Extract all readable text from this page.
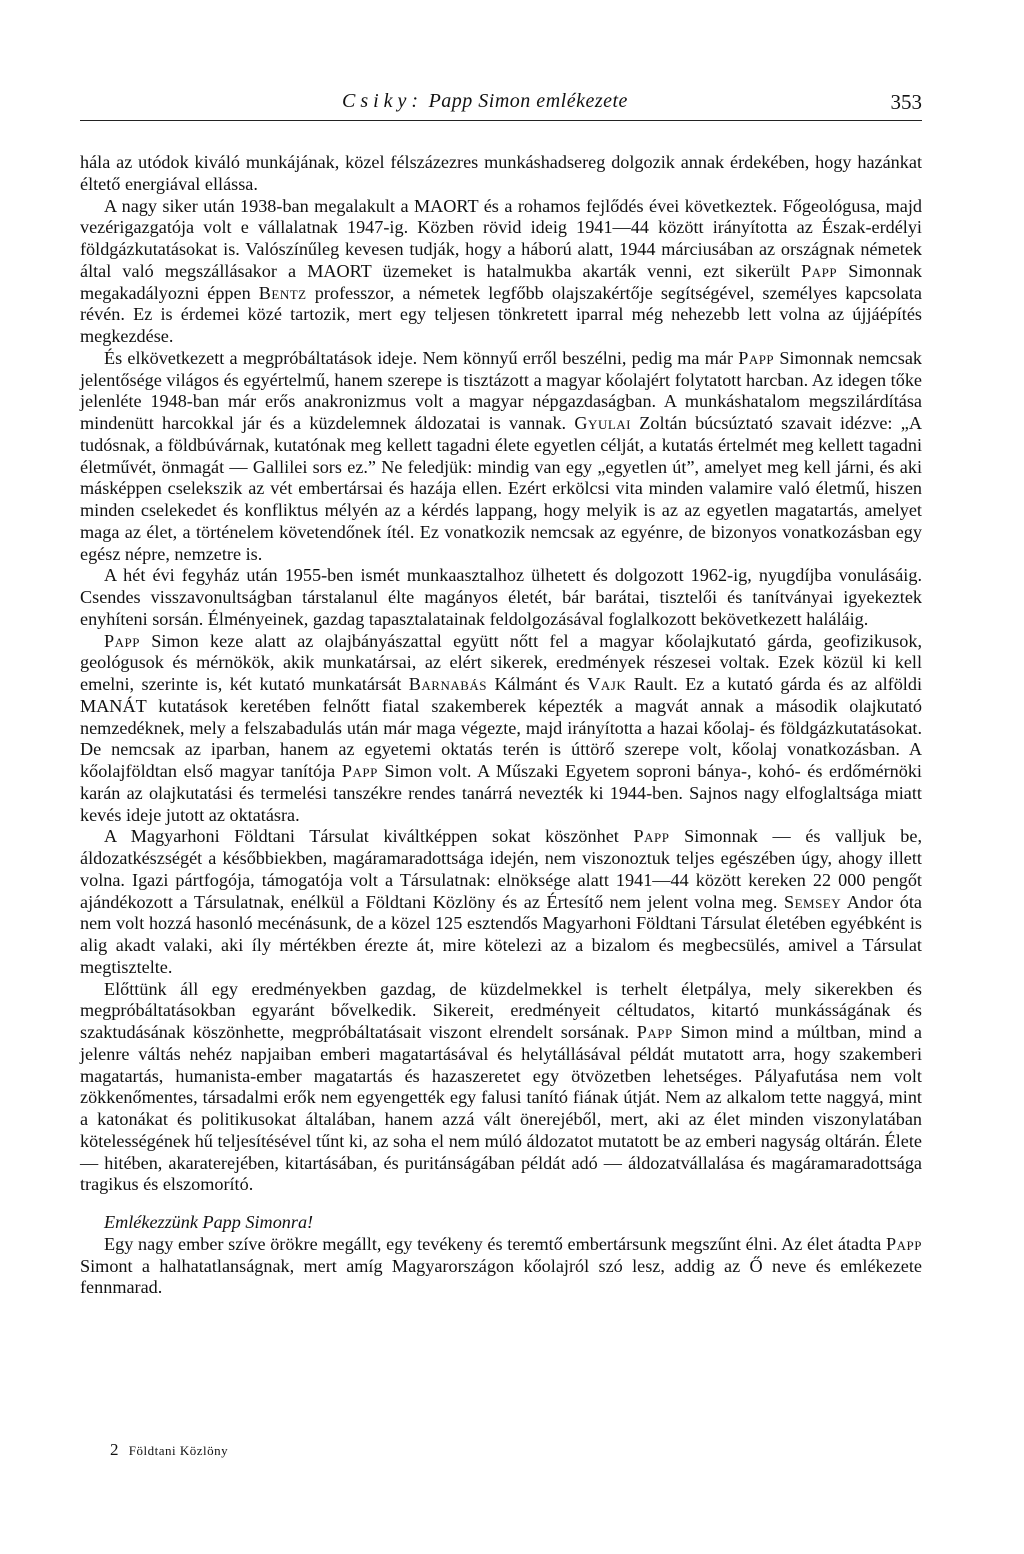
Csiky: Papp Simon emlékezete	353

hála az utódok kiváló munkájának, közel félszázezres munkáshadsereg dolgozik annak érdekében, hogy hazánkat éltető energiával ellássa.

A nagy siker után 1938-ban megalakult a MAORT és a rohamos fejlődés évei következtek. Főgeológusa, majd vezérigazgatója volt e vállalatnak 1947-ig. Közben rövid ideig 1941—44 között irányította az Észak-erdélyi földgázkutatásokat is. Valószínűleg kevesen tudják, hogy a háború alatt, 1944 márciusában az országnak németek által való megszállásakor a MAORT üzemeket is hatalmukba akarták venni, ezt sikerült Papp Simonnak megakadályozni éppen Bentz professzor, a németek legfőbb olajszakértője segítségével, személyes kapcsolata révén. Ez is érdemei közé tartozik, mert egy teljesen tönkretett iparral még nehezebb lett volna az újjáépítés megkezdése.

És elkövetkezett a megpróbáltatások ideje. Nem könnyű erről beszélni, pedig ma már Papp Simonnak nemcsak jelentősége világos és egyértelmű, hanem szerepe is tisztázott a magyar kőolajért folytatott harcban. Az idegen tőke jelenléte 1948-ban már erős anakronizmus volt a magyar népgazdaságban. A munkáshatalom megszilárdítása mindenütt harcokkal jár és a küzdelemnek áldozatai is vannak. Gyulai Zoltán búcsúztató szavait idézve: „A tudósnak, a földbúvárnak, kutatónak meg kellett tagadni élete egyetlen célját, a kutatás értelmét meg kellett tagadni életművét, önmagát — Gallilei sors ez.” Ne feledjük: mindig van egy „egyetlen út”, amelyet meg kell járni, és aki másképpen cselekszik az vét embertársai és hazája ellen. Ezért erkölcsi vita minden valamire való életmű, hiszen minden cselekedet és konfliktus mélyén az a kérdés lappang, hogy melyik is az az egyetlen magatartás, amelyet maga az élet, a történelem követendőnek ítél. Ez vonatkozik nemcsak az egyénre, de bizonyos vonatkozásban egy egész népre, nemzetre is.

A hét évi fegyház után 1955-ben ismét munkaasztalhoz ülhetett és dolgozott 1962-ig, nyugdíjba vonulásáig. Csendes visszavonultságban társtalanul élte magányos életét, bár barátai, tisztelői és tanítványai igyekeztek enyhíteni sorsán. Élményeinek, gazdag tapasztalatainak feldolgozásával foglalkozott bekövetkezett haláláig.

Papp Simon keze alatt az olajbányászattal együtt nőtt fel a magyar kőolajkutató gárda, geofizikusok, geológusok és mérnökök, akik munkatársai, az elért sikerek, eredmények részesei voltak. Ezek közül ki kell emelni, szerinte is, két kutató munkatársát Barnabás Kálmánt és Vajk Rault. Ez a kutató gárda és az alföldi MANÁT kutatások keretében felnőtt fiatal szakemberek képezték a magvát annak a második olajkutató nemzedéknek, mely a felszabadulás után már maga végezte, majd irányította a hazai kőolaj- és földgázkutatásokat. De nemcsak az iparban, hanem az egyetemi oktatás terén is úttörő szerepe volt, kőolaj vonatkozásban. A kőolajföldtan első magyar tanítója Papp Simon volt. A Műszaki Egyetem soproni bánya-, kohó- és erdőmérnöki karán az olajkutatási és termelési tanszékre rendes tanárrá nevezték ki 1944-ben. Sajnos nagy elfoglaltsága miatt kevés ideje jutott az oktatásra.

A Magyarhoni Földtani Társulat kiváltképpen sokat köszönhet Papp Simonnak — és valljuk be, áldozatkészségét a későbbiekben, magáramaradottsága idején, nem viszonoztuk teljes egészében úgy, ahogy illett volna. Igazi pártfogója, támogatója volt a Társulatnak: elnöksége alatt 1941—44 között kereken 22 000 pengőt ajándékozott a Társulatnak, enélkül a Földtani Közlöny és az Értesítő nem jelent volna meg. Semsey Andor óta nem volt hozzá hasonló mecénásunk, de a közel 125 esztendős Magyarhoni Földtani Társulat életében egyébként is alig akadt valaki, aki íly mértékben érezte át, mire kötelezi az a bizalom és megbecsülés, amivel a Társulat megtisztelte.

Előttünk áll egy eredményekben gazdag, de küzdelmekkel is terhelt életpálya, mely sikerekben és megpróbáltatásokban egyaránt bővelkedik. Sikereit, eredményeit céltudatos, kitartó munkásságának és szaktudásának köszönhette, megpróbáltatásait viszont elrendelt sorsának. Papp Simon mind a múltban, mind a jelenre váltás nehéz napjaiban emberi magatartásával és helytállásával példát mutatott arra, hogy szakemberi magatartás, humanista-ember magatartás és hazaszeretet egy ötvözetben lehetséges. Pályafutása nem volt zökkenőmentes, társadalmi erők nem egyengették egy falusi tanító fiának útját. Nem az alkalom tette naggyá, mint a katonákat és politikusokat általában, hanem azzá vált önerejéből, mert, aki az élet minden viszonylatában kötelességének hű teljesítésével tűnt ki, az soha el nem múló áldozatot mutatott be az emberi nagyság oltárán. Élete — hitében, akaraterejében, kitartásában, és puritánságában példát adó — áldozatvállalása és magáramaradottsága tragikus és elszomorító.

Emlékezzünk Papp Simonra!

Egy nagy ember szíve örökre megállt, egy tevékeny és teremtő embertársunk megszűnt élni. Az élet átadta Papp Simont a halhatatlanságnak, mert amíg Magyarországon kőolajról szó lesz, addig az Ő neve és emlékezete fennmarad.

2 Földtani Közlöny
